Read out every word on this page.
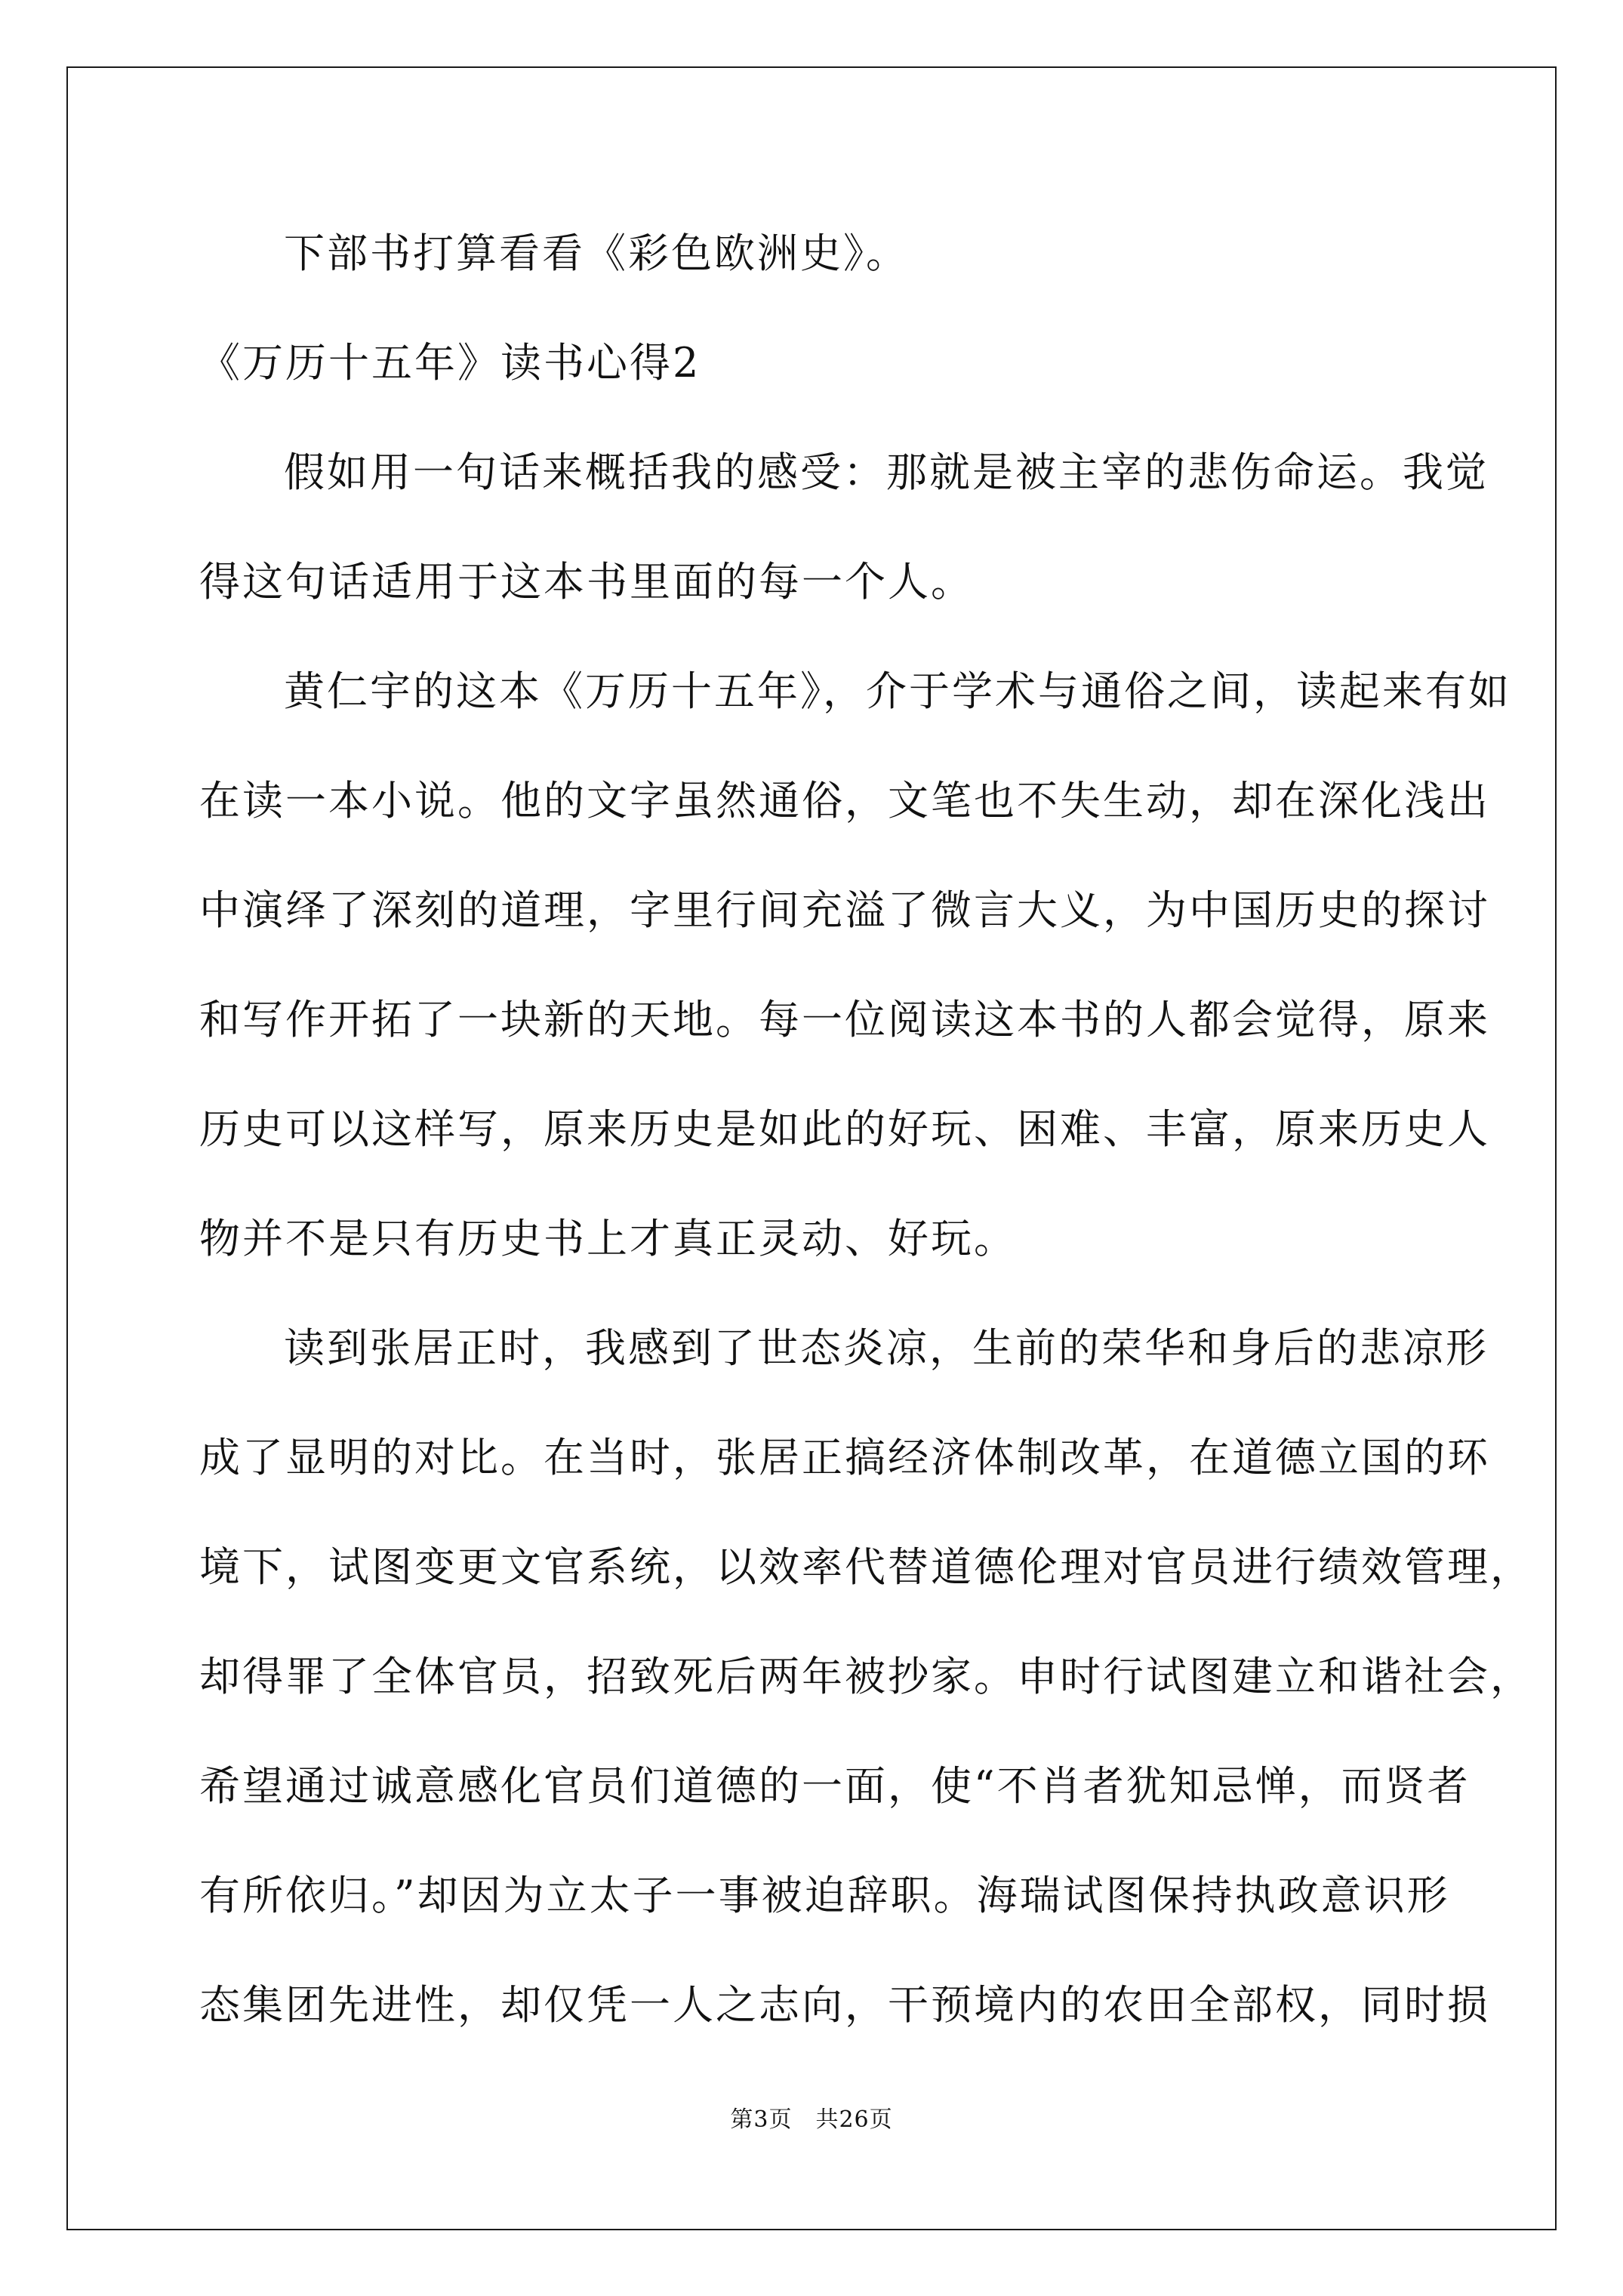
下部书打算看看《彩色欧洲史》。
《万历十五年》读书心得2
假如用一句话来概括我的感受：那就是被主宰的悲伤命运。我觉
得这句话适用于这本书里面的每一个人。
黄仁宇的这本《万历十五年》，介于学术与通俗之间，读起来有如
在读一本小说。他的文字虽然通俗，文笔也不失生动，却在深化浅出
中演绎了深刻的道理，字里行间充溢了微言大义，为中国历史的探讨
和写作开拓了一块新的天地。每一位阅读这本书的人都会觉得，原来
历史可以这样写，原来历史是如此的好玩、困难、丰富，原来历史人
物并不是只有历史书上才真正灵动、好玩。
读到张居正时，我感到了世态炎凉，生前的荣华和身后的悲凉形
成了显明的对比。在当时，张居正搞经济体制改革，在道德立国的环
境下，试图变更文官系统，以效率代替道德伦理对官员进行绩效管理，
却得罪了全体官员，招致死后两年被抄家。申时行试图建立和谐社会，
希望通过诚意感化官员们道德的一面，使“不肖者犹知忌惮，而贤者
有所依归。”却因为立太子一事被迫辞职。海瑞试图保持执政意识形
态集团先进性，却仅凭一人之志向，干预境内的农田全部权，同时损
第3页　共26页
